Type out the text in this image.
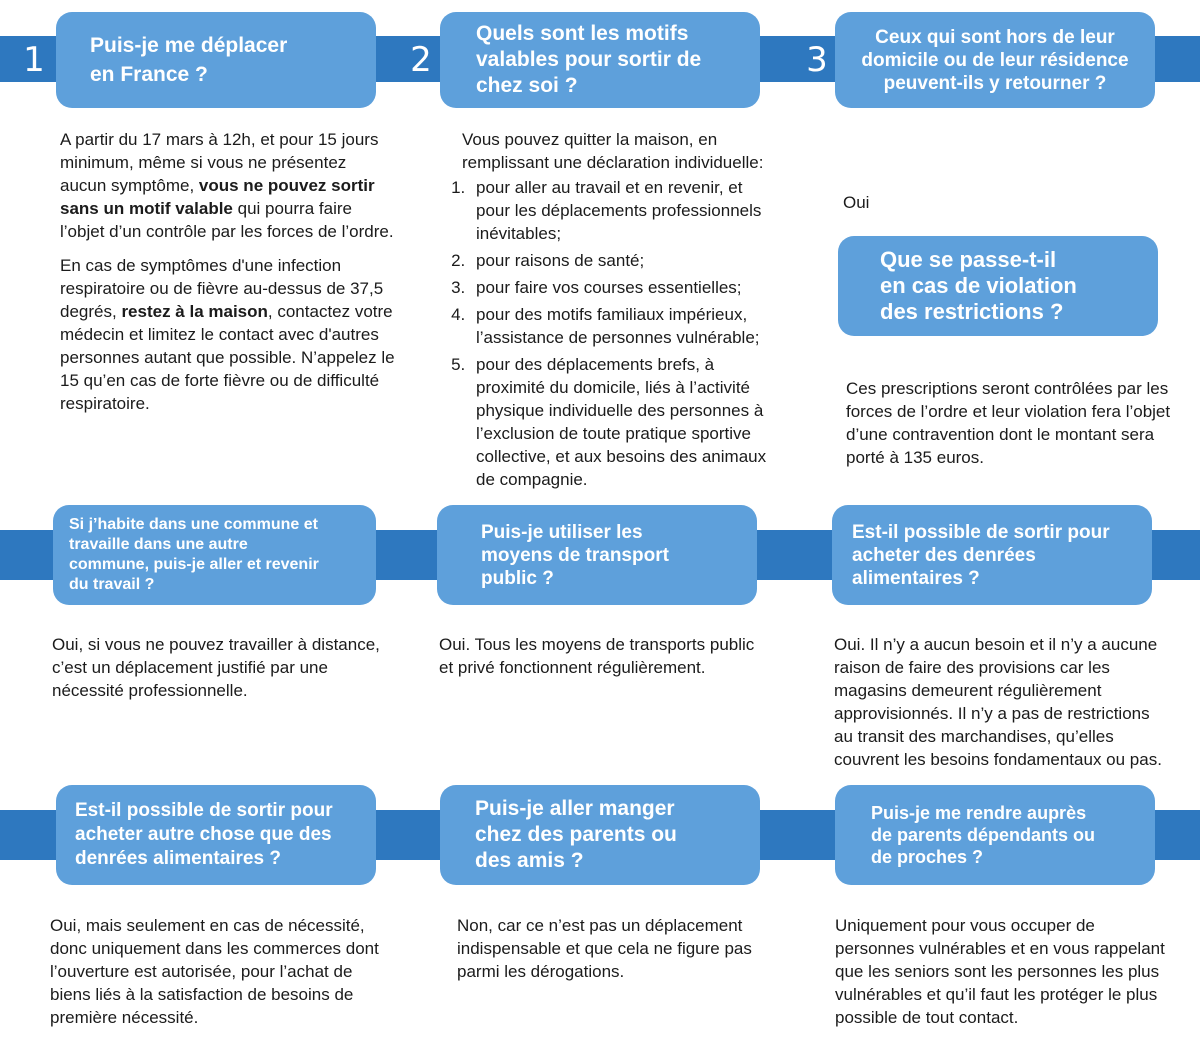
1	2	3
Puis-je me déplacer
en France ?
Quels sont les motifs
valables pour sortir de
chez soi ?
Ceux qui sont hors de leur
domicile ou de leur résidence
peuvent-ils y retourner ?

A partir du 17 mars à 12h, et pour 15 jours minimum, même si vous ne présentez aucun symptôme, vous ne pouvez sortir sans un motif valable qui pourra faire l’objet d’un contrôle par les forces de l’ordre.

En cas de symptômes d'une infection respiratoire ou de fièvre au-dessus de 37,5 degrés, restez à la maison, contactez votre médecin et limitez le contact avec d'autres personnes autant que possible. N’appelez le 15 qu’en cas de forte fièvre ou de difficulté respiratoire.

Vous pouvez quitter la maison, en remplissant une déclaration individuelle:
1. pour aller au travail et en revenir, et pour les déplacements professionnels inévitables;
2. pour raisons de santé;
3. pour faire vos courses essentielles;
4. pour des motifs familiaux impérieux, l’assistance de personnes vulnérable;
5. pour des déplacements brefs, à proximité du domicile, liés à l’activité physique individuelle des personnes à l’exclusion de toute pratique sportive collective, et aux besoins des animaux de compagnie.
Oui
Que se passe-t-il
en cas de violation
des restrictions ?
Ces prescriptions seront contrôlées par les forces de l’ordre et leur violation fera l’objet d’une contravention dont le montant sera porté à 135 euros.
Si j’habite dans une commune et
travaille dans une autre
commune, puis-je aller et revenir
du travail ?
Puis-je utiliser les
moyens de transport
public ?
Est-il possible de sortir pour
acheter des denrées
alimentaires ?
Oui, si vous ne pouvez travailler à distance, c’est un déplacement justifié par une nécessité professionnelle.
Oui. Tous les moyens de transports public et privé fonctionnent régulièrement.
Oui. Il n’y a aucun besoin et il n’y a aucune raison de faire des provisions car les magasins demeurent régulièrement approvisionnés. Il n’y a pas de restrictions au transit des marchandises, qu’elles couvrent les besoins fondamentaux ou pas.
Est-il possible de sortir pour
acheter autre chose que des
denrées alimentaires ?
Puis-je aller manger
chez des parents ou
des amis ?
Puis-je me rendre auprès
de parents dépendants ou
de proches ?
Oui, mais seulement en cas de nécessité, donc uniquement dans les commerces dont l’ouverture est autorisée, pour l’achat de biens liés à la satisfaction de besoins de première nécessité.
Non, car ce n’est pas un déplacement indispensable et que cela ne figure pas parmi les dérogations.
Uniquement pour vous occuper de personnes vulnérables et en vous rappelant que les seniors sont les personnes les plus vulnérables et qu’il faut les protéger le plus possible de tout contact.
